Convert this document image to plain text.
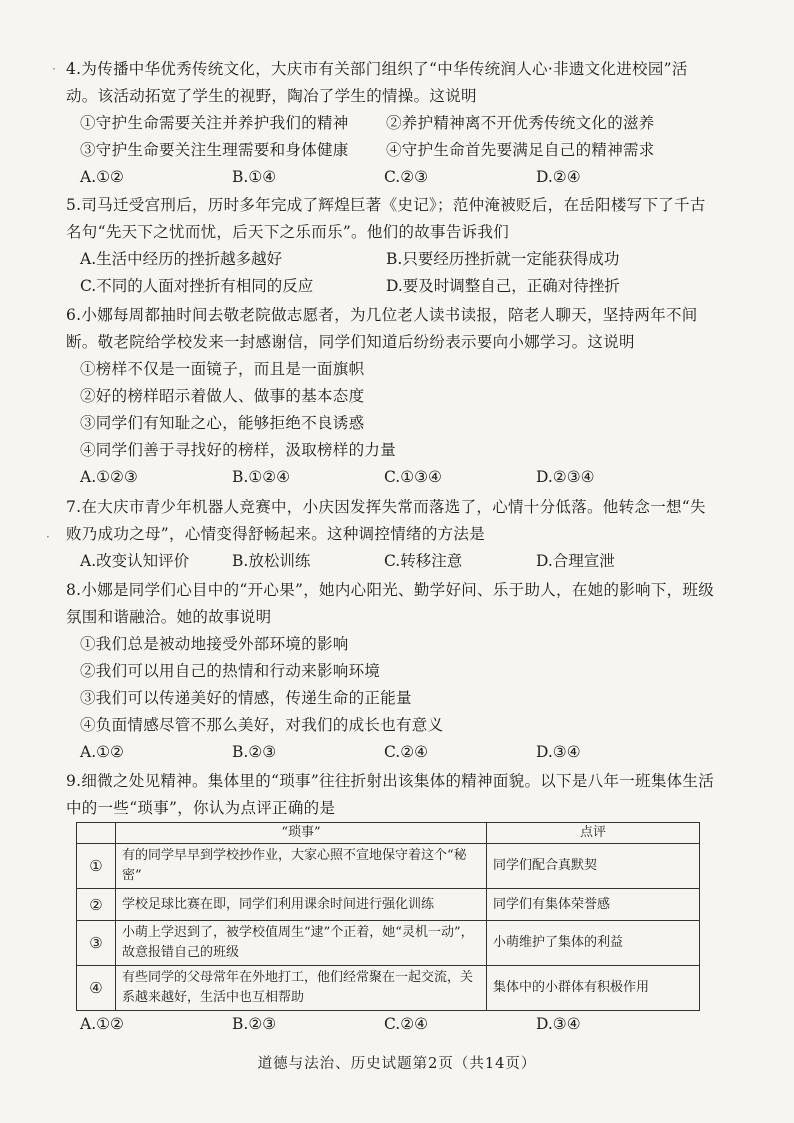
·
·

4.为传播中华优秀传统文化，大庆市有关部门组织了“中华传统润人心·非遗文化进校园”活动。该活动拓宽了学生的视野，陶冶了学生的情操。这说明

①守护生命需要关注并养护我们的精神	②养护精神离不开优秀传统文化的滋养
③守护生命要关注生理需要和身体健康	④守护生命首先要满足自己的精神需求
A.①②	B.①④	C.②③	D.②④

5.司马迁受宫刑后，历时多年完成了辉煌巨著《史记》；范仲淹被贬后，在岳阳楼写下了千古名句“先天下之忧而忧，后天下之乐而乐”。他们的故事告诉我们

A.生活中经历的挫折越多越好	B.只要经历挫折就一定能获得成功
C.不同的人面对挫折有相同的反应	D.要及时调整自己，正确对待挫折

6.小娜每周都抽时间去敬老院做志愿者，为几位老人读书读报，陪老人聊天，坚持两年不间断。敬老院给学校发来一封感谢信，同学们知道后纷纷表示要向小娜学习。这说明

①榜样不仅是一面镜子，而且是一面旗帜

②好的榜样昭示着做人、做事的基本态度

③同学们有知耻之心，能够拒绝不良诱惑

④同学们善于寻找好的榜样，汲取榜样的力量

A.①②③	B.①②④	C.①③④	D.②③④

7.在大庆市青少年机器人竞赛中，小庆因发挥失常而落选了，心情十分低落。他转念一想“失败乃成功之母”，心情变得舒畅起来。这种调控情绪的方法是

A.改变认知评价	B.放松训练	C.转移注意	D.合理宣泄

8.小娜是同学们心目中的“开心果”，她内心阳光、勤学好问、乐于助人，在她的影响下，班级氛围和谐融洽。她的故事说明

①我们总是被动地接受外部环境的影响

②我们可以用自己的热情和行动来影响环境

③我们可以传递美好的情感，传递生命的正能量

④负面情感尽管不那么美好，对我们的成长也有意义

A.①②	B.②③	C.②④	D.③④

9.细微之处见精神。集体里的“琐事”往往折射出该集体的精神面貌。以下是八年一班集体生活中的一些“琐事”，你认为点评正确的是

	“琐事”	点评
①	有的同学早早到学校抄作业，大家心照不宣地保守着这个“秘密”	同学们配合真默契
②	学校足球比赛在即，同学们利用课余时间进行强化训练	同学们有集体荣誉感
③	小萌上学迟到了，被学校值周生“逮”个正着，她“灵机一动”，故意报错自己的班级	小萌维护了集体的利益
④	有些同学的父母常年在外地打工，他们经常聚在一起交流，关系越来越好，生活中也互相帮助	集体中的小群体有积极作用
A.①②	B.②③	C.②④	D.③④
道德与法治、历史试题第2页（共14页）
